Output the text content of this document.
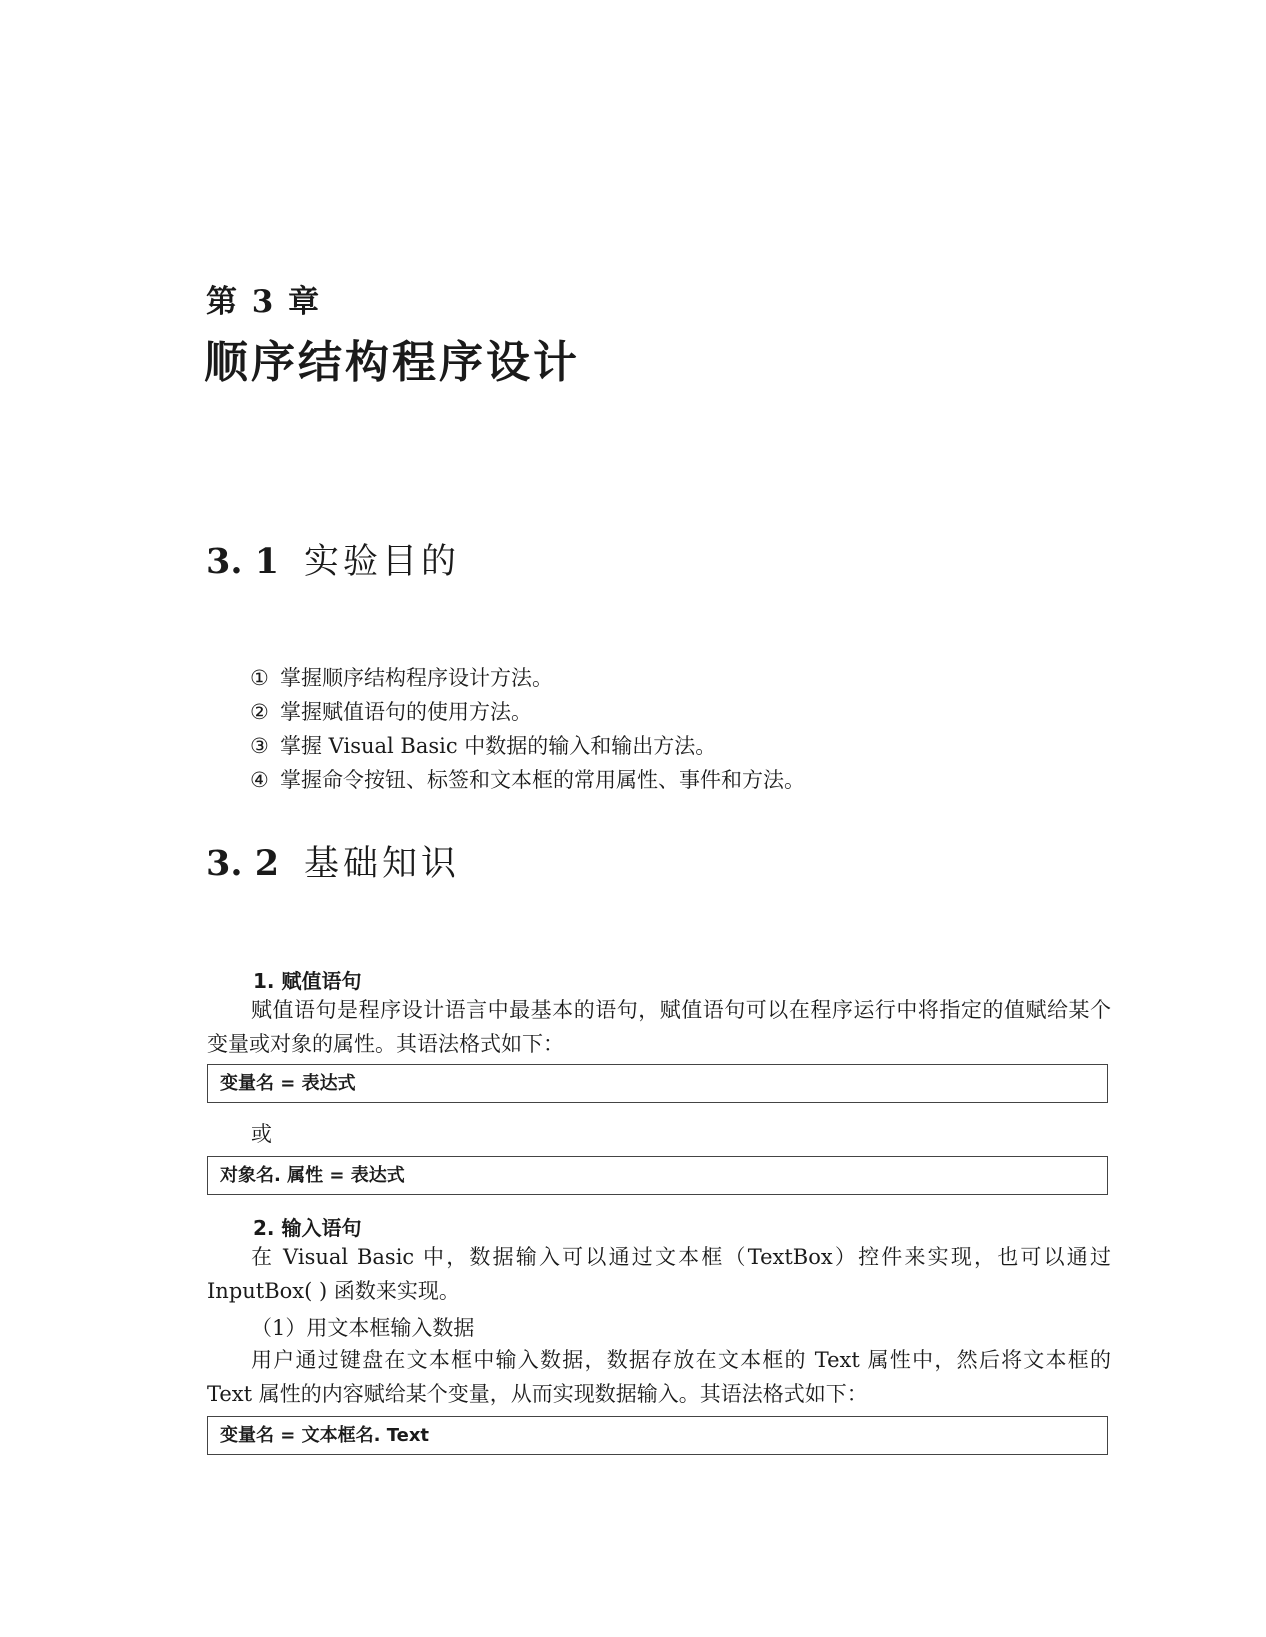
第 3 章
顺序结构程序设计
3. 1 实验目的
① 掌握顺序结构程序设计方法。
② 掌握赋值语句的使用方法。
③ 掌握 Visual Basic 中数据的输入和输出方法。
④ 掌握命令按钮、标签和文本框的常用属性、事件和方法。
3. 2 基础知识
1. 赋值语句

赋值语句是程序设计语言中最基本的语句，赋值语句可以在程序运行中将指定的值赋给某个变量或对象的属性。其语法格式如下：

变量名 = 表达式
或
对象名. 属性 = 表达式
2. 输入语句

在 Visual Basic 中，数据输入可以通过文本框（TextBox）控件来实现，也可以通过 InputBox( ) 函数来实现。

（1）用文本框输入数据

用户通过键盘在文本框中输入数据，数据存放在文本框的 Text 属性中，然后将文本框的 Text 属性的内容赋给某个变量，从而实现数据输入。其语法格式如下：

变量名 = 文本框名. Text
